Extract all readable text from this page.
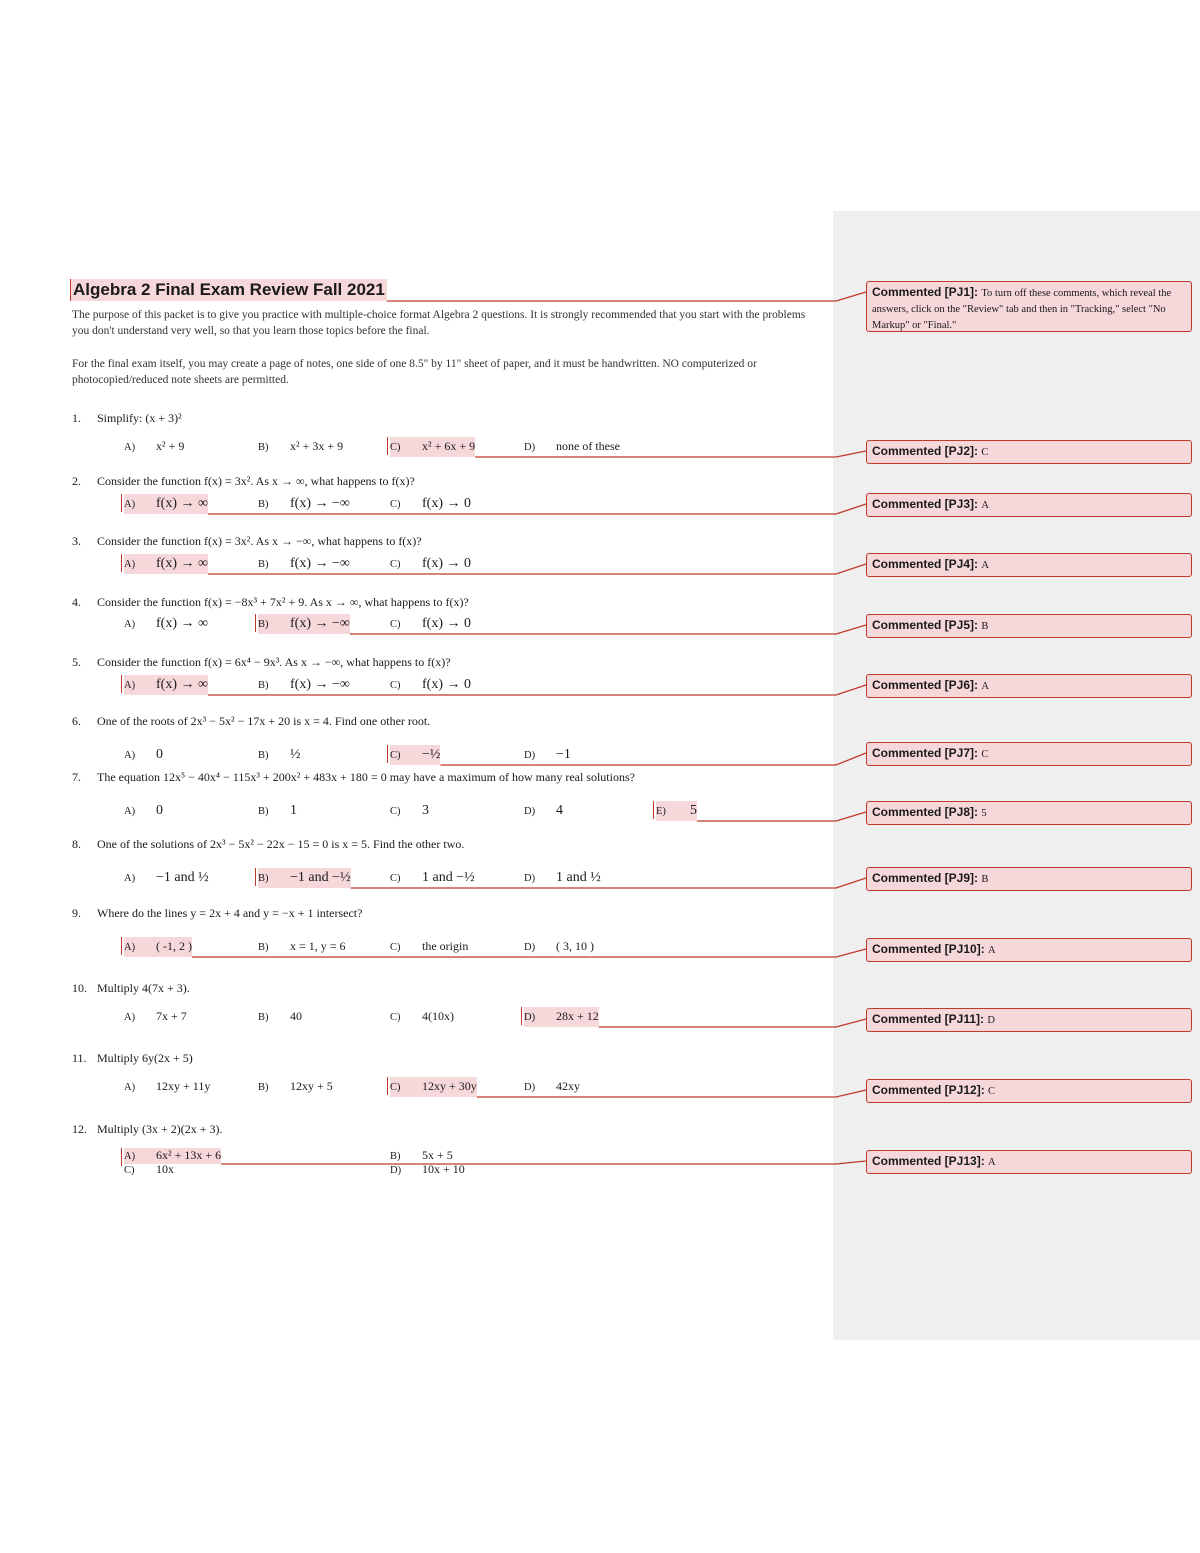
Algebra 2 Final Exam Review Fall 2021
The purpose of this packet is to give you practice with multiple-choice format Algebra 2 questions. It is strongly recommended that you start with the problems you don't understand very well, so that you learn those topics before the final.
For the final exam itself, you may create a page of notes, one side of one 8.5" by 11" sheet of paper, and it must be handwritten. NO computerized or photocopied/reduced note sheets are permitted.
1. Simplify: (x + 3)²
A) x² + 9	B) x² + 3x + 9	C) x² + 6x + 9	D) none of these
2. Consider the function f(x) = 3x². As x → ∞, what happens to f(x)?
A) f(x) → ∞	B) f(x) → −∞	C) f(x) → 0
3. Consider the function f(x) = 3x². As x → −∞, what happens to f(x)?
A) f(x) → ∞	B) f(x) → −∞	C) f(x) → 0
4. Consider the function f(x) = −8x³ + 7x² + 9. As x → ∞, what happens to f(x)?
A) f(x) → ∞	B) f(x) → −∞	C) f(x) → 0
5. Consider the function f(x) = 6x⁴ − 9x³. As x → −∞, what happens to f(x)?
A) f(x) → ∞	B) f(x) → −∞	C) f(x) → 0
6. One of the roots of 2x³ − 5x² − 17x + 20 is x = 4. Find one other root.
A) 0	B) ½	C) −½	D) −1
7. The equation 12x⁵ − 40x⁴ − 115x³ + 200x² + 483x + 180 = 0 may have a maximum of how many real solutions?
A) 0	B) 1	C) 3	D) 4	E) 5
8. One of the solutions of 2x³ − 5x² − 22x − 15 = 0 is x = 5. Find the other two.
A) −1 and ½	B) −1 and −½	C) 1 and −½	D) 1 and ½
9. Where do the lines y = 2x + 4 and y = −x + 1 intersect?
A) ( -1, 2 )	B) x = 1, y = 6	C) the origin	D) ( 3, 10 )
10. Multiply 4(7x + 3).
A) 7x + 7	B) 40	C) 4(10x)	D) 28x + 12
11. Multiply 6y(2x + 5)
A) 12xy + 11y	B) 12xy + 5	C) 12xy + 30y	D) 42xy
12. Multiply (3x + 2)(2x + 3).
A) 6x² + 13x + 6	B) 5x + 5
C) 10x	D) 10x + 10
Commented [PJ1]: To turn off these comments, which reveal the answers, click on the "Review" tab and then in "Tracking," select "No Markup" or "Final."
Commented [PJ2]: C
Commented [PJ3]: A
Commented [PJ4]: A
Commented [PJ5]: B
Commented [PJ6]: A
Commented [PJ7]: C
Commented [PJ8]: 5
Commented [PJ9]: B
Commented [PJ10]: A
Commented [PJ11]: D
Commented [PJ12]: C
Commented [PJ13]: A
